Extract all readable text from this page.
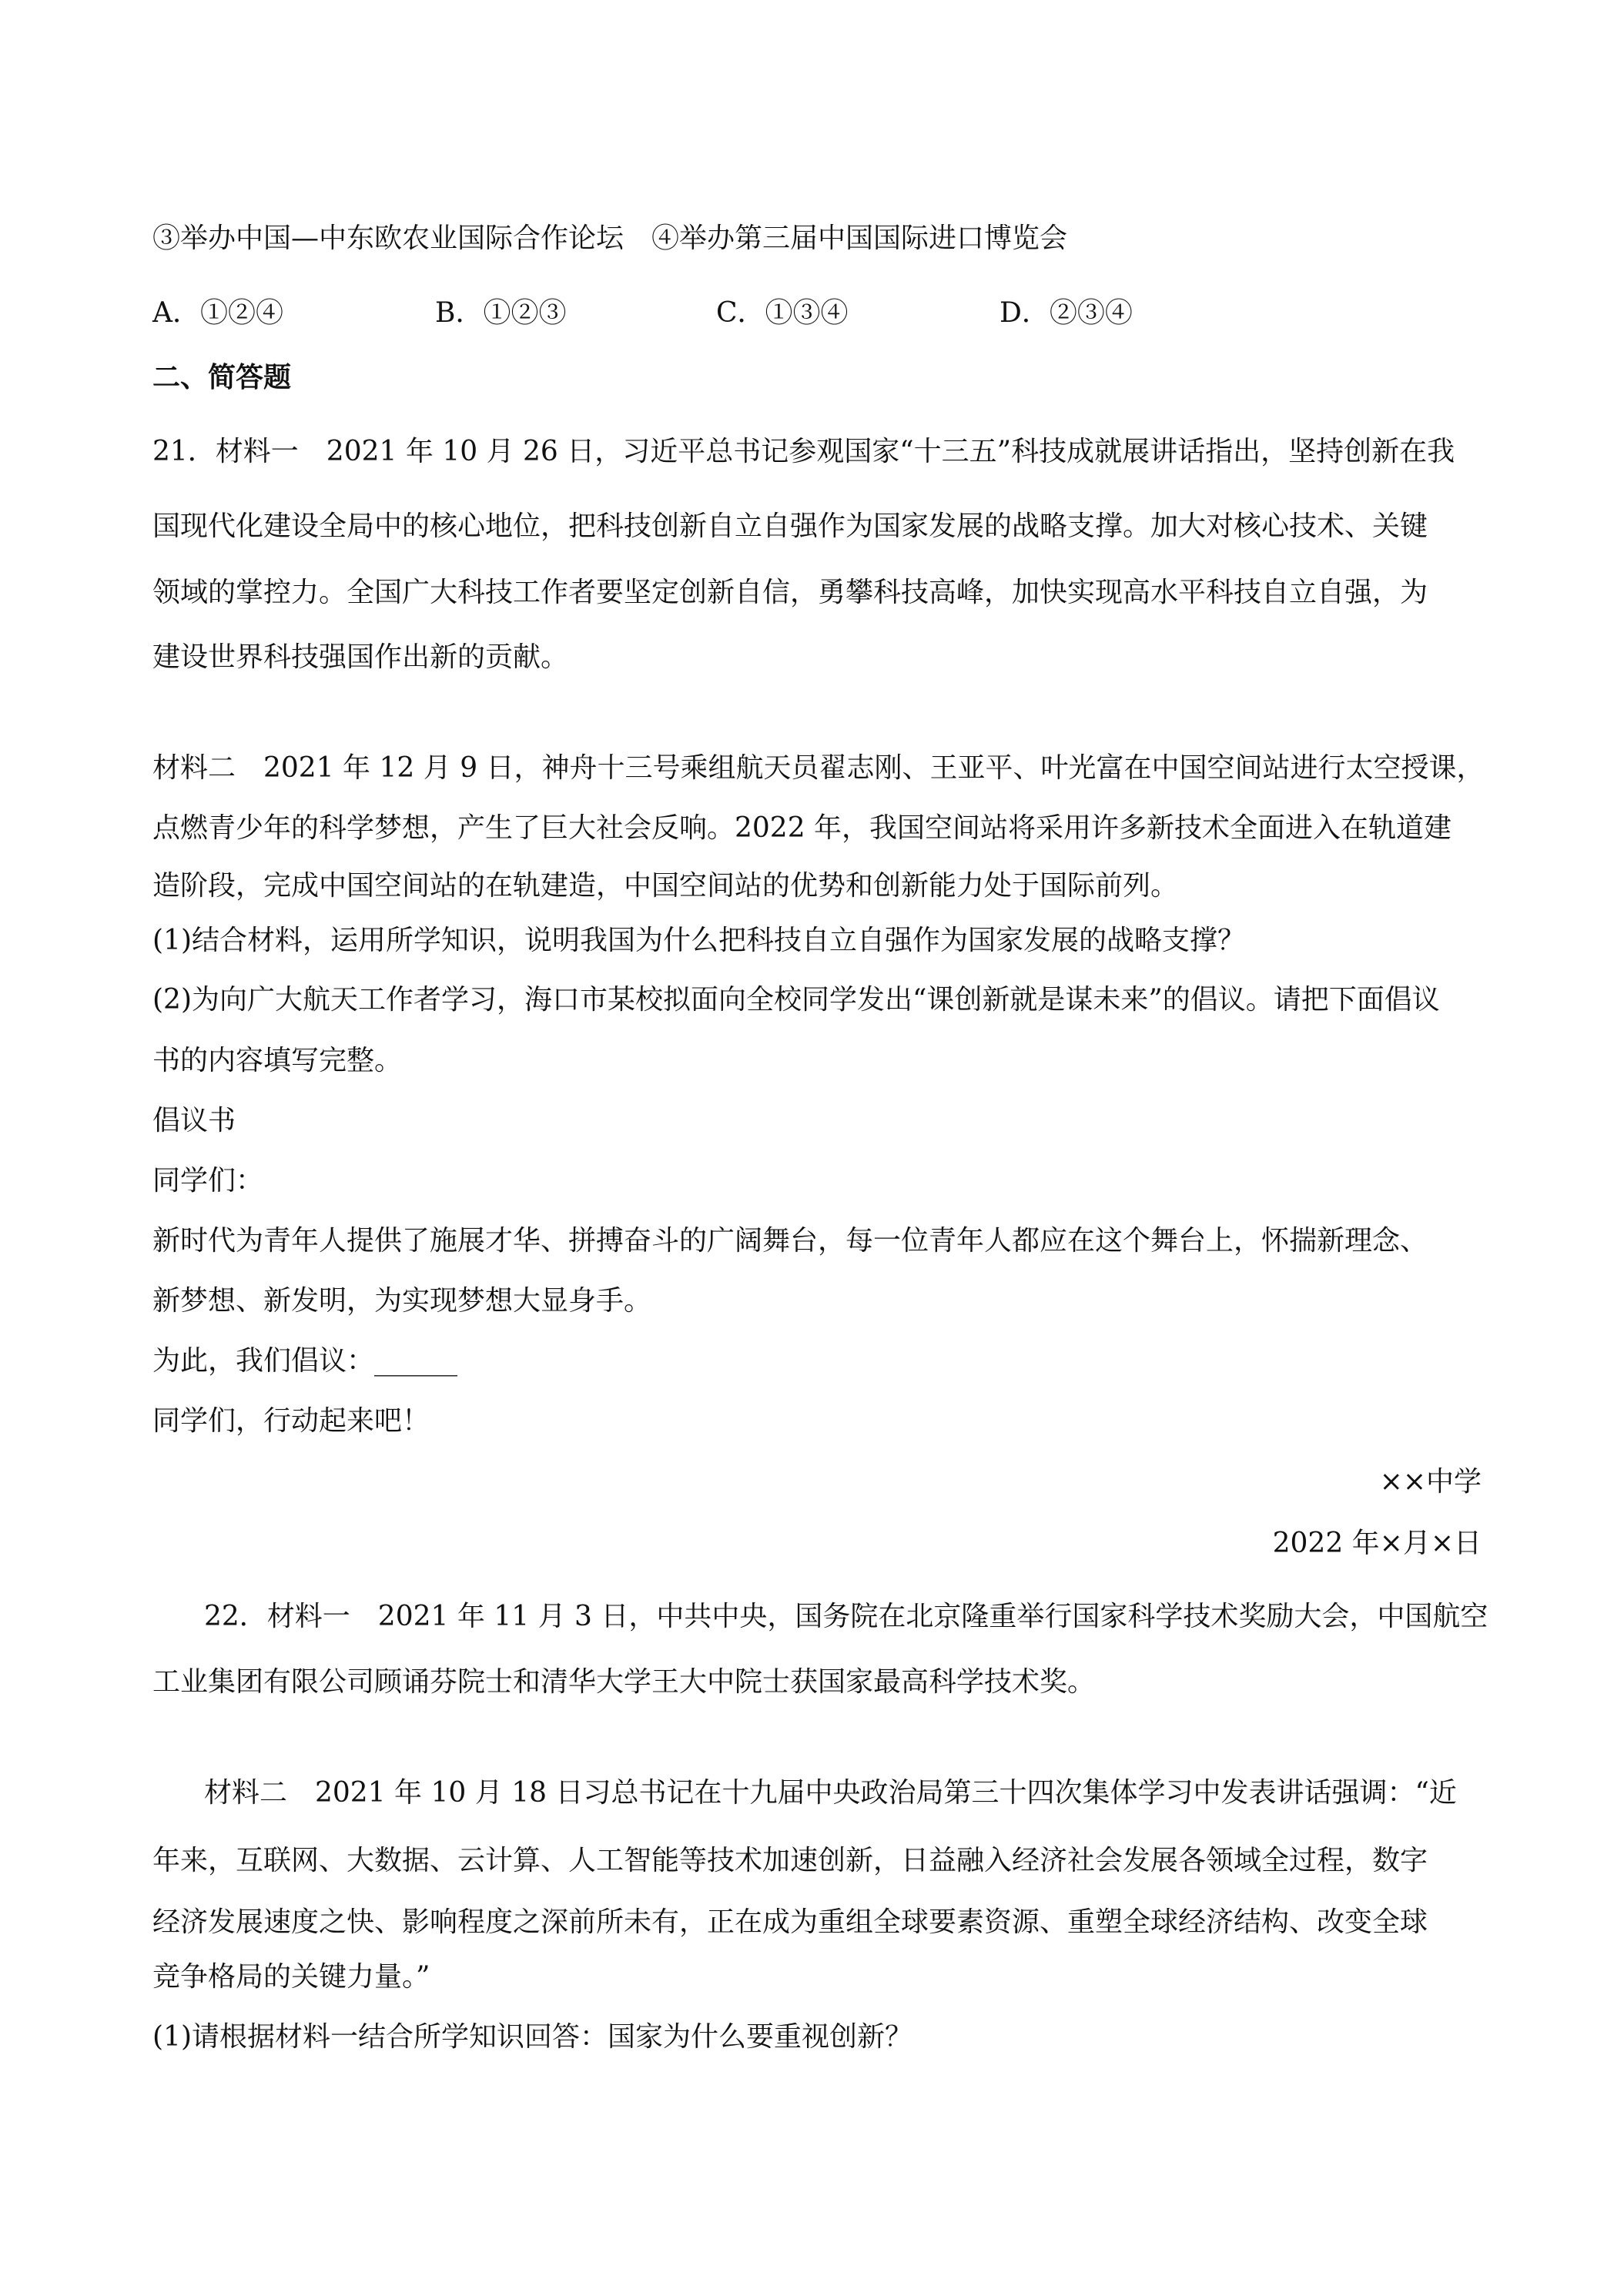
③举办中国—中东欧农业国际合作论坛　④举办第三届中国国际进口博览会
A．①②④	B．①②③	C．①③④	D．②③④
二、简答题
21．材料一　2021 年 10 月 26 日，习近平总书记参观国家“十三五”科技成就展讲话指出，坚持创新在我
国现代化建设全局中的核心地位，把科技创新自立自强作为国家发展的战略支撑。加大对核心技术、关键
领域的掌控力。全国广大科技工作者要坚定创新自信，勇攀科技高峰，加快实现高水平科技自立自强，为
建设世界科技强国作出新的贡献。
材料二　2021 年 12 月 9 日，神舟十三号乘组航天员翟志刚、王亚平、叶光富在中国空间站进行太空授课，
点燃青少年的科学梦想，产生了巨大社会反响。2022 年，我国空间站将采用许多新技术全面进入在轨道建
造阶段，完成中国空间站的在轨建造，中国空间站的优势和创新能力处于国际前列。
(1)结合材料，运用所学知识，说明我国为什么把科技自立自强作为国家发展的战略支撑？
(2)为向广大航天工作者学习，海口市某校拟面向全校同学发出“课创新就是谋未来”的倡议。请把下面倡议
书的内容填写完整。
倡议书
同学们：
新时代为青年人提供了施展才华、拼搏奋斗的广阔舞台，每一位青年人都应在这个舞台上，怀揣新理念、
新梦想、新发明，为实现梦想大显身手。
为此，我们倡议：______
同学们，行动起来吧！
××中学
2022 年×月×日
22．材料一　2021 年 11 月 3 日，中共中央，国务院在北京隆重举行国家科学技术奖励大会，中国航空
工业集团有限公司顾诵芬院士和清华大学王大中院士获国家最高科学技术奖。
材料二　2021 年 10 月 18 日习总书记在十九届中央政治局第三十四次集体学习中发表讲话强调：“近
年来，互联网、大数据、云计算、人工智能等技术加速创新，日益融入经济社会发展各领域全过程，数字
经济发展速度之快、影响程度之深前所未有，正在成为重组全球要素资源、重塑全球经济结构、改变全球
竞争格局的关键力量。”
(1)请根据材料一结合所学知识回答：国家为什么要重视创新？
